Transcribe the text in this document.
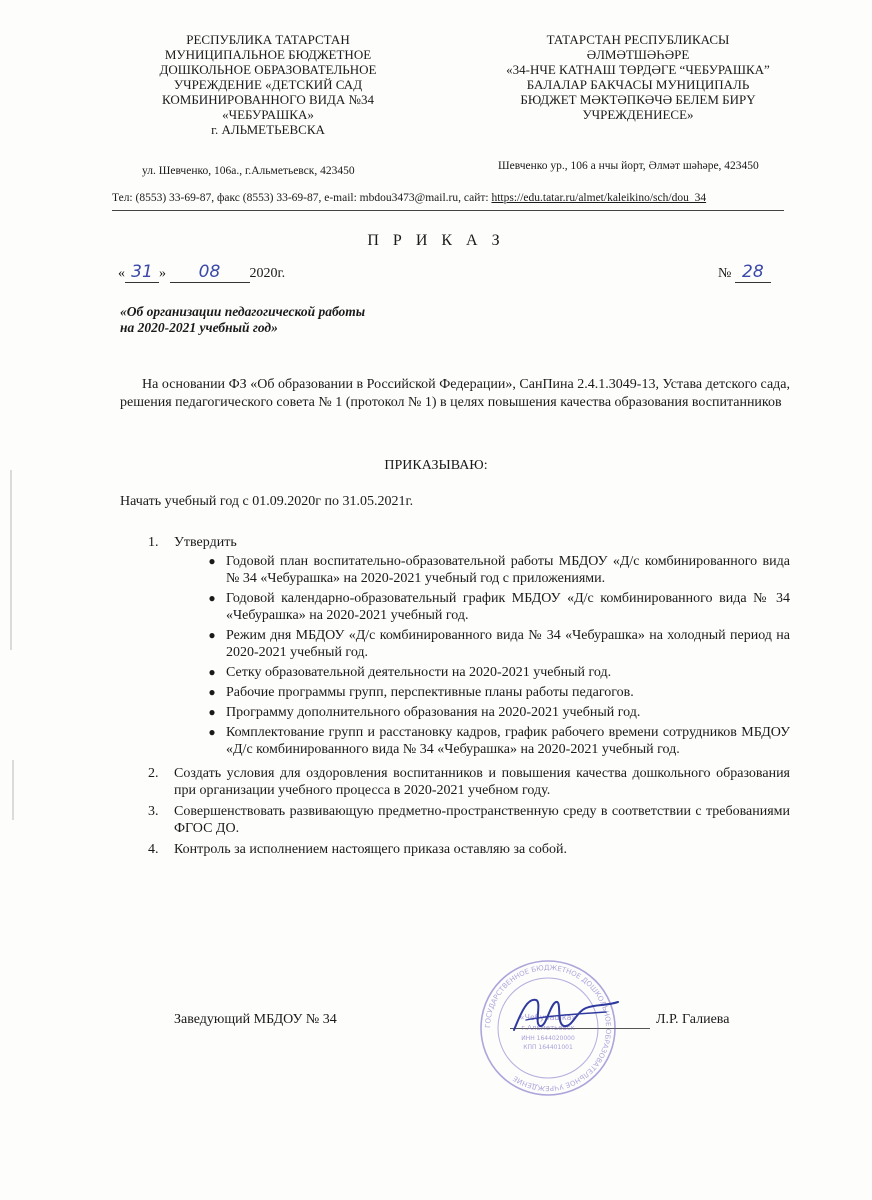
РЕСПУБЛИКА ТАТАРСТАН
МУНИЦИПАЛЬНОЕ БЮДЖЕТНОЕ
ДОШКОЛЬНОЕ ОБРАЗОВАТЕЛЬНОЕ
УЧРЕЖДЕНИЕ «ДЕТСКИЙ САД
КОМБИНИРОВАННОГО ВИДА №34
«ЧЕБУРАШКА»
г. АЛЬМЕТЬЕВСКА
ТАТАРСТАН РЕСПУБЛИКАСЫ
ӘЛМӘТШӘҺӘРЕ
«34-НЧЕ КАТНАШ ТӨРДӘГЕ “ЧЕБУРАШКА”
БАЛАЛАР БАКЧАСЫ МУНИЦИПАЛЬ
БЮДЖЕТ МӘКТӘПКӘЧӘ БЕЛЕМ БИРҮ
УЧРЕЖДЕНИЕСЕ»
ул. Шевченко, 106а., г.Альметьевск, 423450	Шевченко ур., 106 а нчы йорт, Әлмәт шәһәре, 423450
Тел: (8553) 33-69-87, факс (8553) 33-69-87, e-mail: mbdou3473@mail.ru, сайт: https://edu.tatar.ru/almet/kaleikino/sch/dou_34
П Р И К А З
« 31 » 08 2020г.	№ 28
«Об организации педагогической работы
на 2020-2021 учебный год»
На основании ФЗ «Об образовании в Российской Федерации», СанПина 2.4.1.3049-13, Устава детского сада, решения педагогического совета № 1 (протокол № 1) в целях повышения качества образования воспитанников
ПРИКАЗЫВАЮ:
Начать учебный год с 01.09.2020г по 31.05.2021г.
1.	Утвердить
● Годовой план воспитательно-образовательной работы МБДОУ «Д/с комбинированного вида № 34 «Чебурашка» на 2020-2021 учебный год с приложениями.
● Годовой календарно-образовательный график МБДОУ «Д/с комбинированного вида № 34 «Чебурашка» на 2020-2021 учебный год.
● Режим дня МБДОУ «Д/с комбинированного вида № 34 «Чебурашка» на холодный период на 2020-2021 учебный год.
● Сетку образовательной деятельности на 2020-2021 учебный год.
● Рабочие программы групп, перспективные планы работы педагогов.
● Программу дополнительного образования на 2020-2021 учебный год.
● Комплектование групп и расстановку кадров, график рабочего времени сотрудников МБДОУ «Д/с комбинированного вида № 34 «Чебурашка» на 2020-2021 учебный год.
2.	Создать условия для оздоровления воспитанников и повышения качества дошкольного образования при организации учебного процесса в 2020-2021 учебном году.
3.	Совершенствовать развивающую предметно-пространственную среду в соответствии с требованиями ФГОС ДО.
4.	Контроль за исполнением настоящего приказа оставляю за собой.
Заведующий МБДОУ № 34	Л.Р. Галиева
ГОСУДАРСТВЕННОЕ БЮДЖЕТНОЕ ДОШКОЛЬНОЕ ОБРАЗОВАТЕЛЬНОЕ УЧРЕЖДЕНИЕ
«Чебурашка»
г.Альметьевск
ИНН 1644020000
КПП 164401001
